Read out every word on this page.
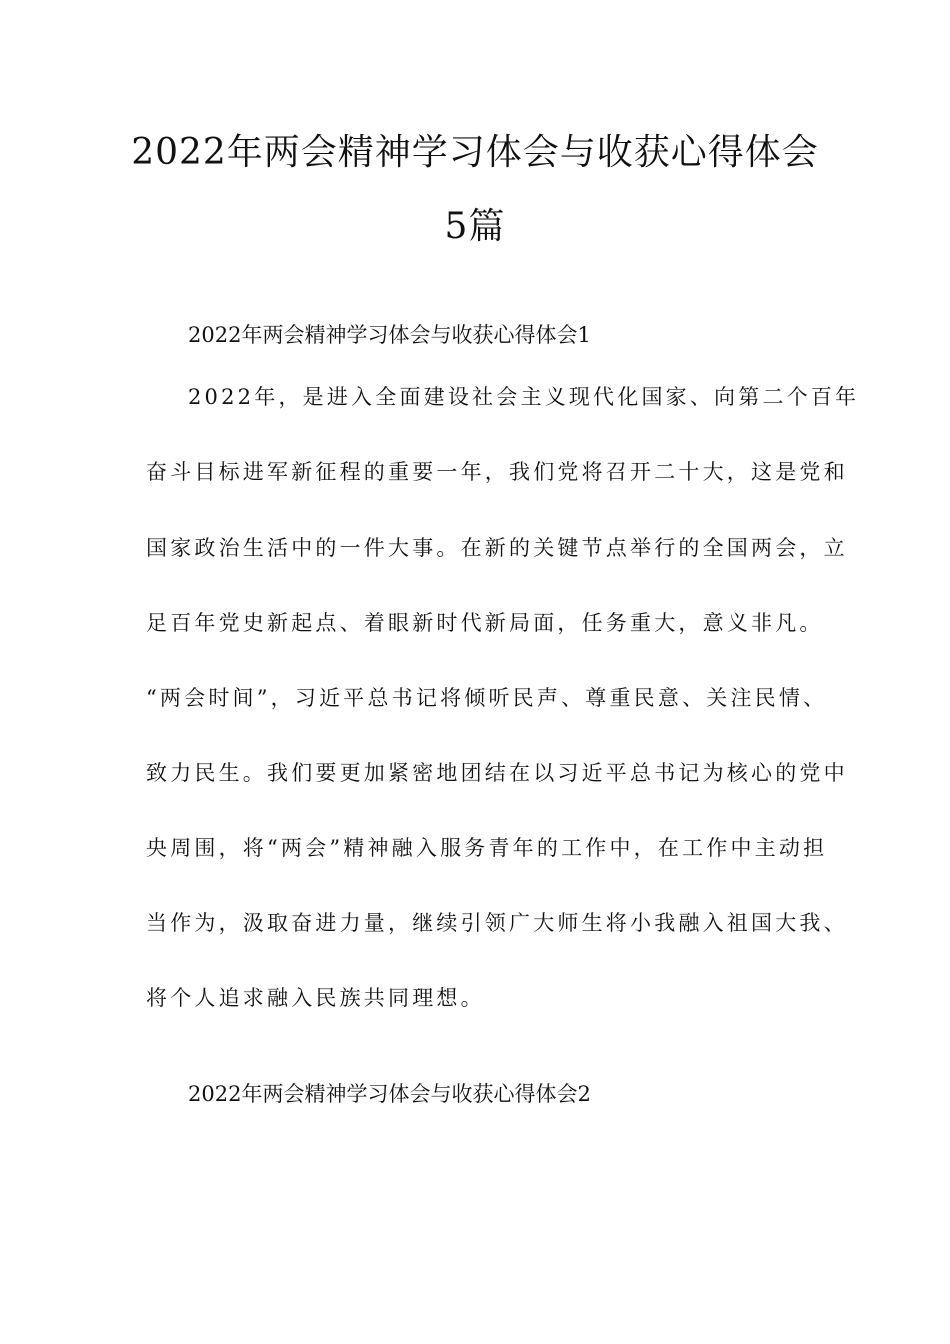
2022年两会精神学习体会与收获心得体会
5篇
2022年两会精神学习体会与收获心得体会1
2022年，是进入全面建设社会主义现代化国家、向第二个百年
奋斗目标进军新征程的重要一年，我们党将召开二十大，这是党和
国家政治生活中的一件大事。在新的关键节点举行的全国两会，立
足百年党史新起点、着眼新时代新局面，任务重大，意义非凡。
“两会时间”，习近平总书记将倾听民声、尊重民意、关注民情、
致力民生。我们要更加紧密地团结在以习近平总书记为核心的党中
央周围，将“两会”精神融入服务青年的工作中，在工作中主动担
当作为，汲取奋进力量，继续引领广大师生将小我融入祖国大我、
将个人追求融入民族共同理想。
2022年两会精神学习体会与收获心得体会2
